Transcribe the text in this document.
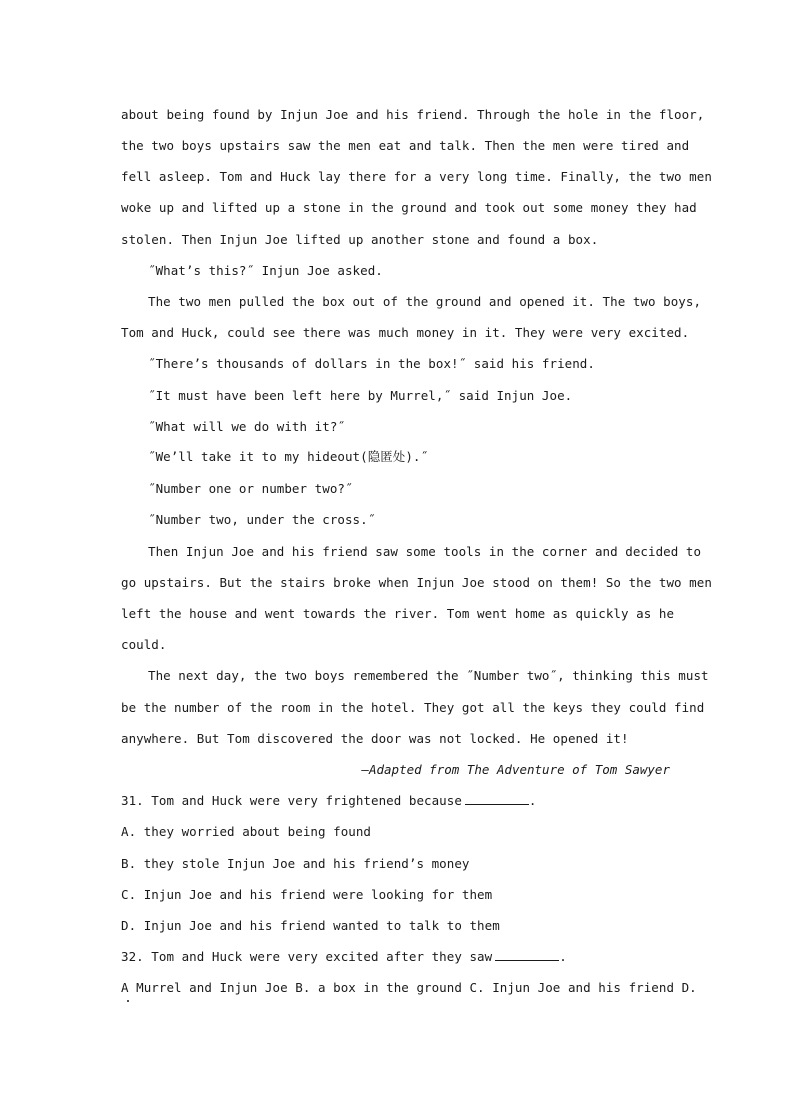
about being found by Injun Joe and his friend. Through the hole in the floor,
the two boys upstairs saw the men eat and talk. Then the men were tired and
fell asleep. Tom and Huck lay there for a very long time. Finally, the two men
woke up and lifted up a stone in the ground and took out some money they had
stolen. Then Injun Joe lifted up another stone and found a box.
˝What’s this?˝ Injun Joe asked.
The two men pulled the box out of the ground and opened it. The two boys,
Tom and Huck, could see there was much money in it. They were very excited.
˝There’s thousands of dollars in the box!˝ said his friend.
˝It must have been left here by Murrel,˝ said Injun Joe.
˝What will we do with it?˝
˝We’ll take it to my hideout(隐匿处).˝
˝Number one or number two?˝
˝Number two, under the cross.˝
Then Injun Joe and his friend saw some tools in the corner and decided to
go upstairs. But the stairs broke when Injun Joe stood on them! So the two men
left the house and went towards the river. Tom went home as quickly as he
could.
The next day, the two boys remembered the ˝Number two˝, thinking this must
be the number of the room in the hotel. They got all the keys they could find
anywhere. But Tom discovered the door was not locked. He opened it!
—Adapted from The Adventure of Tom Sawyer
31. Tom and Huck were very frightened because	.
A. they worried about being found
B. they stole Injun Joe and his friend’s money
C. Injun Joe and his friend were looking for them
D. Injun Joe and his friend wanted to talk to them
32. Tom and Huck were very excited after they saw	.
A Murrel and Injun Joe B. a box in the ground C. Injun Joe and his friend D.
